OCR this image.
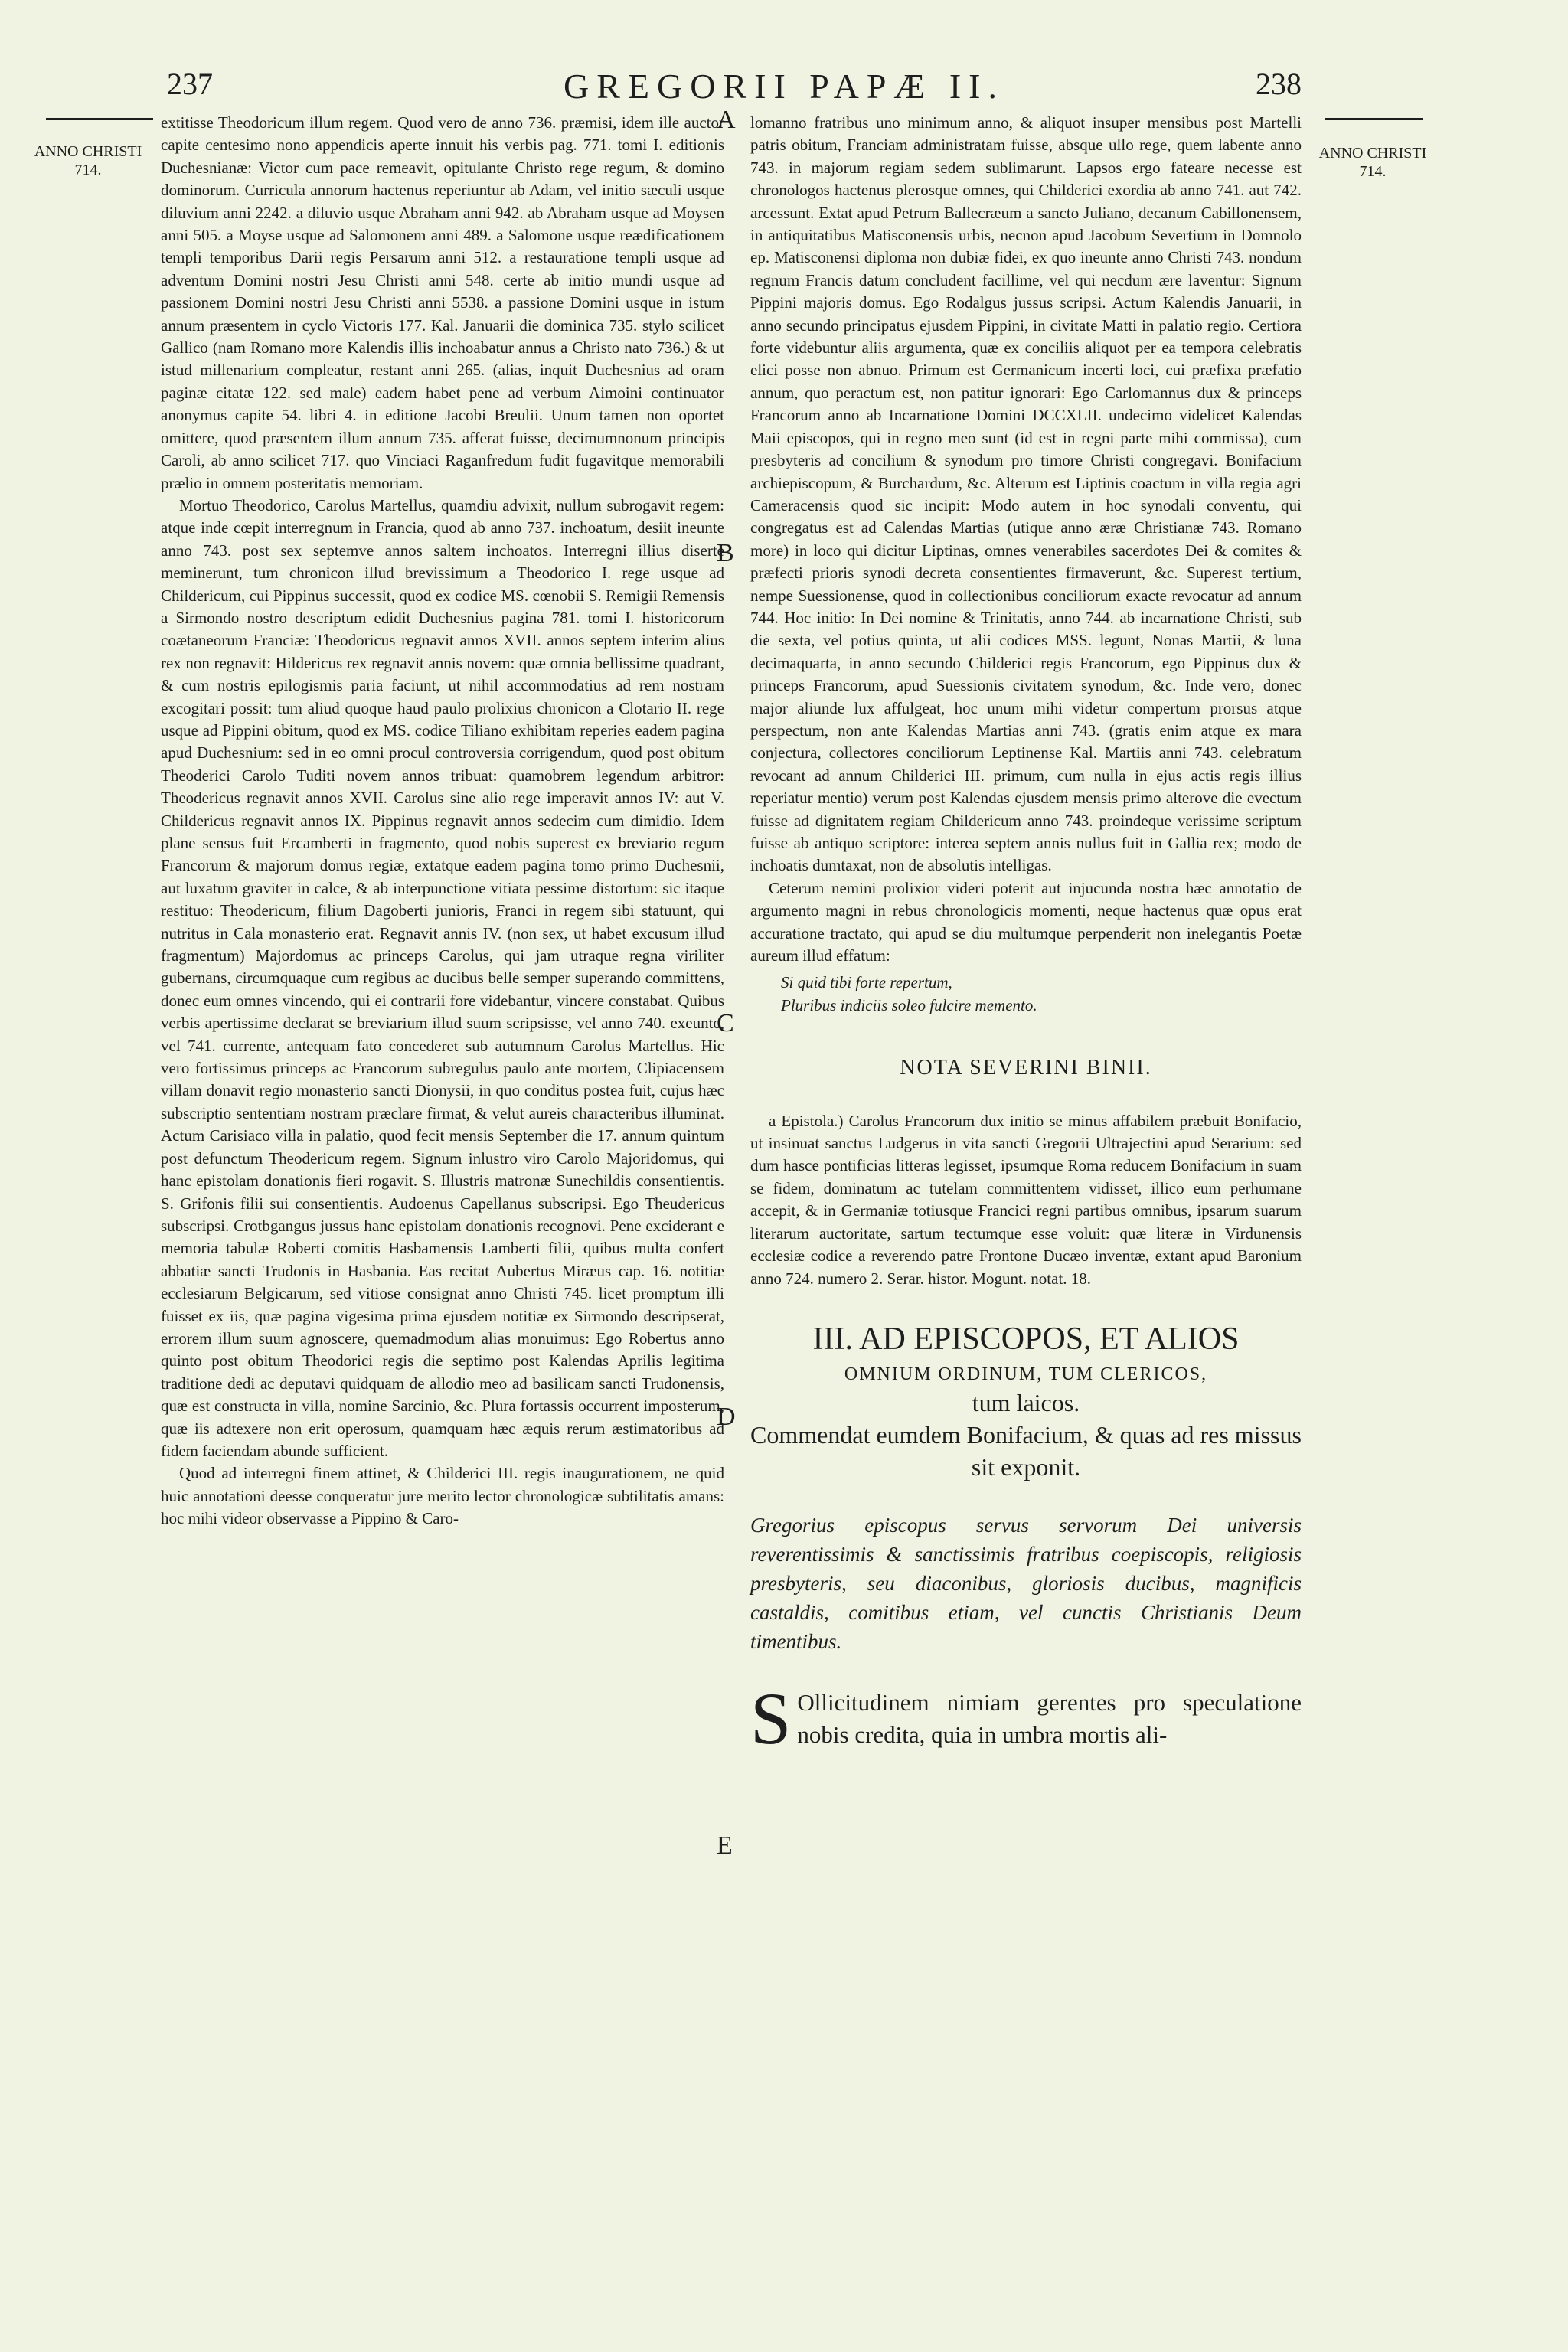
237	GREGORII PAPÆ II.	238
ANNO CHRISTI 714.
ANNO CHRISTI 714.
A
B
C
D
E

extitisse Theodoricum illum regem. Quod vero de anno 736. præmisi, idem ille auctor capite centesimo nono appendicis aperte innuit his verbis pag. 771. tomi I. editionis Duchesnianæ: Victor cum pace remeavit, opitulante Christo rege regum, & domino dominorum. Curricula annorum hactenus reperiuntur ab Adam, vel initio sæculi usque diluvium anni 2242. a diluvio usque Abraham anni 942. ab Abraham usque ad Moysen anni 505. a Moyse usque ad Salomonem anni 489. a Salomone usque reædificationem templi temporibus Darii regis Persarum anni 512. a restauratione templi usque ad adventum Domini nostri Jesu Christi anni 548. certe ab initio mundi usque ad passionem Domini nostri Jesu Christi anni 5538. a passione Domini usque in istum annum præsentem in cyclo Victoris 177. Kal. Januarii die dominica 735. stylo scilicet Gallico (nam Romano more Kalendis illis inchoabatur annus a Christo nato 736.) & ut istud millenarium compleatur, restant anni 265. (alias, inquit Duchesnius ad oram paginæ citatæ 122. sed male) eadem habet pene ad verbum Aimoini continuator anonymus capite 54. libri 4. in editione Jacobi Breulii. Unum tamen non oportet omittere, quod præsentem illum annum 735. afferat fuisse, decimumnonum principis Caroli, ab anno scilicet 717. quo Vinciaci Raganfredum fudit fugavitque memorabili prælio in omnem posteritatis memoriam.

Mortuo Theodorico, Carolus Martellus, quamdiu advixit, nullum subrogavit regem: atque inde cœpit interregnum in Francia, quod ab anno 737. inchoatum, desiit ineunte anno 743. post sex septemve annos saltem inchoatos. Interregni illius diserte meminerunt, tum chronicon illud brevissimum a Theodorico I. rege usque ad Childericum, cui Pippinus successit, quod ex codice MS. cœnobii S. Remigii Remensis a Sirmondo nostro descriptum edidit Duchesnius pagina 781. tomi I. historicorum coætaneorum Franciæ: Theodoricus regnavit annos XVII. annos septem interim alius rex non regnavit: Hildericus rex regnavit annis novem: quæ omnia bellissime quadrant, & cum nostris epilogismis paria faciunt, ut nihil accommodatius ad rem nostram excogitari possit: tum aliud quoque haud paulo prolixius chronicon a Clotario II. rege usque ad Pippini obitum, quod ex MS. codice Tiliano exhibitam reperies eadem pagina apud Duchesnium: sed in eo omni procul controversia corrigendum, quod post obitum Theoderici Carolo Tuditi novem annos tribuat: quamobrem legendum arbitror: Theodericus regnavit annos XVII. Carolus sine alio rege imperavit annos IV: aut V. Childericus regnavit annos IX. Pippinus regnavit annos sedecim cum dimidio. Idem plane sensus fuit Ercamberti in fragmento, quod nobis superest ex breviario regum Francorum & majorum domus regiæ, extatque eadem pagina tomo primo Duchesnii, aut luxatum graviter in calce, & ab interpunctione vitiata pessime distortum: sic itaque restituo: Theodericum, filium Dagoberti junioris, Franci in regem sibi statuunt, qui nutritus in Cala monasterio erat. Regnavit annis IV. (non sex, ut habet excusum illud fragmentum) Majordomus ac princeps Carolus, qui jam utraque regna viriliter gubernans, circumquaque cum regibus ac ducibus belle semper superando committens, donec eum omnes vincendo, qui ei contrarii fore videbantur, vincere constabat. Quibus verbis apertissime declarat se breviarium illud suum scripsisse, vel anno 740. exeunte, vel 741. currente, antequam fato concederet sub autumnum Carolus Martellus. Hic vero fortissimus princeps ac Francorum subregulus paulo ante mortem, Clipiacensem villam donavit regio monasterio sancti Dionysii, in quo conditus postea fuit, cujus hæc subscriptio sententiam nostram præclare firmat, & velut aureis characteribus illuminat. Actum Carisiaco villa in palatio, quod fecit mensis September die 17. annum quintum post defunctum Theodericum regem. Signum inlustro viro Carolo Majoridomus, qui hanc epistolam donationis fieri rogavit. S. Illustris matronæ Sunechildis consentientis. S. Grifonis filii sui consentientis. Audoenus Capellanus subscripsi. Ego Theudericus subscripsi. Crotbgangus jussus hanc epistolam donationis recognovi. Pene exciderant e memoria tabulæ Roberti comitis Hasbamensis Lamberti filii, quibus multa confert abbatiæ sancti Trudonis in Hasbania. Eas recitat Aubertus Miræus cap. 16. notitiæ ecclesiarum Belgicarum, sed vitiose consignat anno Christi 745. licet promptum illi fuisset ex iis, quæ pagina vigesima prima ejusdem notitiæ ex Sirmondo descripserat, errorem illum suum agnoscere, quemadmodum alias monuimus: Ego Robertus anno quinto post obitum Theodorici regis die septimo post Kalendas Aprilis legitima traditione dedi ac deputavi quidquam de allodio meo ad basilicam sancti Trudonensis, quæ est constructa in villa, nomine Sarcinio, &c. Plura fortassis occurrent imposterum, quæ iis adtexere non erit operosum, quamquam hæc æquis rerum æstimatoribus ad fidem faciendam abunde sufficient.

Quod ad interregni finem attinet, & Childerici III. regis inaugurationem, ne quid huic annotationi deesse conqueratur jure merito lector chronologicæ subtilitatis amans: hoc mihi videor observasse a Pippino & Caro-

lomanno fratribus uno minimum anno, & aliquot insuper mensibus post Martelli patris obitum, Franciam administratam fuisse, absque ullo rege, quem labente anno 743. in majorum regiam sedem sublimarunt. Lapsos ergo fateare necesse est chronologos hactenus plerosque omnes, qui Childerici exordia ab anno 741. aut 742. arcessunt. Extat apud Petrum Ballecræum a sancto Juliano, decanum Cabillonensem, in antiquitatibus Matisconensis urbis, necnon apud Jacobum Severtium in Domnolo ep. Matisconensi diploma non dubiæ fidei, ex quo ineunte anno Christi 743. nondum regnum Francis datum concludent facillime, vel qui necdum ære laventur: Signum Pippini majoris domus. Ego Rodalgus jussus scripsi. Actum Kalendis Januarii, in anno secundo principatus ejusdem Pippini, in civitate Matti in palatio regio. Certiora forte videbuntur aliis argumenta, quæ ex conciliis aliquot per ea tempora celebratis elici posse non abnuo. Primum est Germanicum incerti loci, cui præfixa præfatio annum, quo peractum est, non patitur ignorari: Ego Carlomannus dux & princeps Francorum anno ab Incarnatione Domini DCCXLII. undecimo videlicet Kalendas Maii episcopos, qui in regno meo sunt (id est in regni parte mihi commissa), cum presbyteris ad concilium & synodum pro timore Christi congregavi. Bonifacium archiepiscopum, & Burchardum, &c. Alterum est Liptinis coactum in villa regia agri Cameracensis quod sic incipit: Modo autem in hoc synodali conventu, qui congregatus est ad Calendas Martias (utique anno æræ Christianæ 743. Romano more) in loco qui dicitur Liptinas, omnes venerabiles sacerdotes Dei & comites & præfecti prioris synodi decreta consentientes firmaverunt, &c. Superest tertium, nempe Suessionense, quod in collectionibus conciliorum exacte revocatur ad annum 744. Hoc initio: In Dei nomine & Trinitatis, anno 744. ab incarnatione Christi, sub die sexta, vel potius quinta, ut alii codices MSS. legunt, Nonas Martii, & luna decimaquarta, in anno secundo Childerici regis Francorum, ego Pippinus dux & princeps Francorum, apud Suessionis civitatem synodum, &c. Inde vero, donec major aliunde lux affulgeat, hoc unum mihi videtur compertum prorsus atque perspectum, non ante Kalendas Martias anni 743. (gratis enim atque ex mara conjectura, collectores conciliorum Leptinense Kal. Martiis anni 743. celebratum revocant ad annum Childerici III. primum, cum nulla in ejus actis regis illius reperiatur mentio) verum post Kalendas ejusdem mensis primo alterove die evectum fuisse ad dignitatem regiam Childericum anno 743. proindeque verissime scriptum fuisse ab antiquo scriptore: interea septem annis nullus fuit in Gallia rex; modo de inchoatis dumtaxat, non de absolutis intelligas.

Ceterum nemini prolixior videri poterit aut injucunda nostra hæc annotatio de argumento magni in rebus chronologicis momenti, neque hactenus quæ opus erat accuratione tractato, qui apud se diu multumque perpenderit non inelegantis Poetæ aureum illud effatum:

Si quid tibi forte repertum,
Pluribus indiciis soleo fulcire memento.
NOTA SEVERINI BINII.

a Epistola.) Carolus Francorum dux initio se minus affabilem præbuit Bonifacio, ut insinuat sanctus Ludgerus in vita sancti Gregorii Ultrajectini apud Serarium: sed dum hasce pontificias litteras legisset, ipsumque Roma reducem Bonifacium in suam se fidem, dominatum ac tutelam committentem vidisset, illico eum perhumane accepit, & in Germaniæ totiusque Francici regni partibus omnibus, ipsarum suarum literarum auctoritate, sartum tectumque esse voluit: quæ literæ in Virdunensis ecclesiæ codice a reverendo patre Frontone Ducæo inventæ, extant apud Baronium anno 724. numero 2. Serar. histor. Mogunt. notat. 18.

III. AD EPISCOPOS, ET ALIOS
OMNIUM ORDINUM, TUM CLERICOS,
tum laicos.
Commendat eumdem Bonifacium, & quas ad res missus sit exponit.
Gregorius episcopus servus servorum Dei universis reverentissimis & sanctissimis fratribus coepiscopis, religiosis presbyteris, seu diaconibus, gloriosis ducibus, magnificis castaldis, comitibus etiam, vel cunctis Christianis Deum timentibus.
S Ollicitudinem nimiam gerentes pro speculatione nobis credita, quia in umbra mortis ali-
